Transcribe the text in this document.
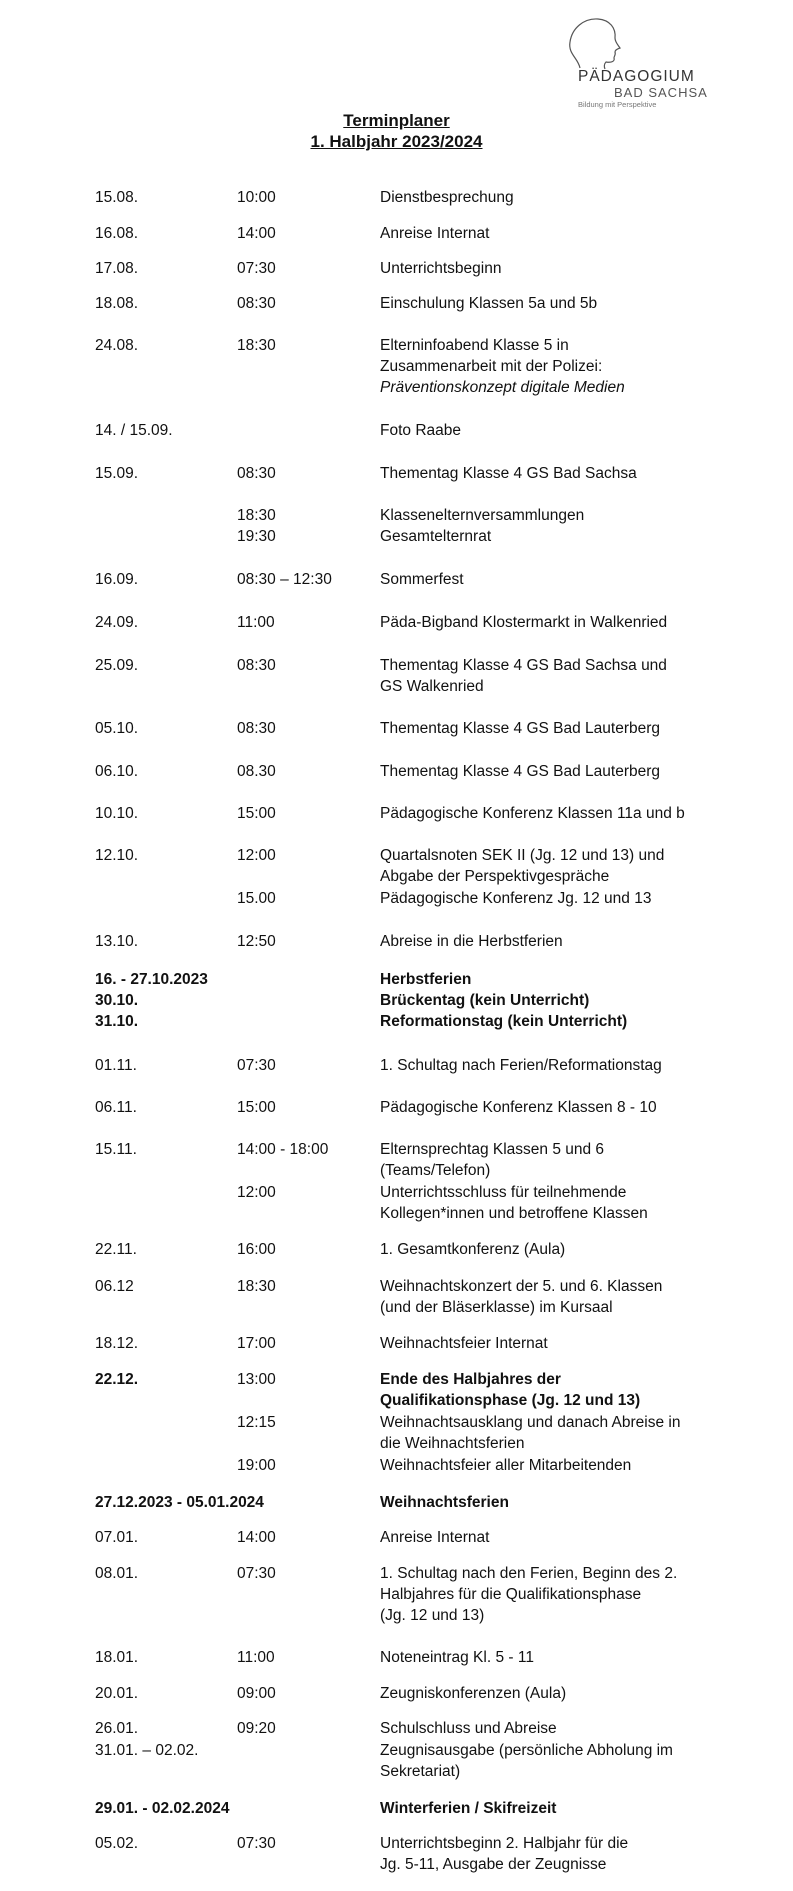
PÄDAGOGIUM
BAD SACHSA
Bildung mit Perspektive
Terminplaner
1. Halbjahr 2023/2024
15.08.	10:00	Dienstbesprechung
16.08.	14:00	Anreise Internat
17.08.	07:30	Unterrichtsbeginn
18.08.	08:30	Einschulung Klassen 5a und 5b
24.08.	18:30	Elterninfoabend Klasse 5 in
Zusammenarbeit mit der Polizei:
Präventionskonzept digitale Medien
14. / 15.09.	Foto Raabe
15.09.	08:30	Thementag Klasse 4 GS Bad Sachsa
18:30	Klassenelternversammlungen
19:30	Gesamtelternrat
16.09.	08:30 – 12:30	Sommerfest
24.09.	11:00	Päda-Bigband Klostermarkt in Walkenried
25.09.	08:30	Thementag Klasse 4 GS Bad Sachsa und
GS Walkenried
05.10.	08:30	Thementag Klasse 4 GS Bad Lauterberg
06.10.	08.30	Thementag Klasse 4 GS Bad Lauterberg
10.10.	15:00	Pädagogische Konferenz Klassen 11a und b
12.10.	12:00	Quartalsnoten SEK II (Jg. 12 und 13) und
Abgabe der Perspektivgespräche
15.00	Pädagogische Konferenz Jg. 12 und 13
13.10.	12:50	Abreise in die Herbstferien
16. - 27.10.2023	Herbstferien
30.10.	Brückentag (kein Unterricht)
31.10.	Reformationstag (kein Unterricht)
01.11.	07:30	1. Schultag nach Ferien/Reformationstag
06.11.	15:00	Pädagogische Konferenz Klassen 8 - 10
15.11.	14:00 - 18:00	Elternsprechtag Klassen 5 und 6
(Teams/Telefon)
12:00	Unterrichtsschluss für teilnehmende
Kollegen*innen und betroffene Klassen
22.11.	16:00	1. Gesamtkonferenz (Aula)
06.12	18:30	Weihnachtskonzert der 5. und 6. Klassen
(und der Bläserklasse) im Kursaal
18.12.	17:00	Weihnachtsfeier Internat
22.12.	13:00	Ende des Halbjahres der
Qualifikationsphase (Jg. 12 und 13)
12:15	Weihnachtsausklang und danach Abreise in
die Weihnachtsferien
19:00	Weihnachtsfeier aller Mitarbeitenden
27.12.2023 - 05.01.2024	Weihnachtsferien
07.01.	14:00	Anreise Internat
08.01.	07:30	1. Schultag nach den Ferien, Beginn des 2.
Halbjahres für die Qualifikationsphase
(Jg. 12 und 13)
18.01.	11:00	Noteneintrag Kl. 5 - 11
20.01.	09:00	Zeugniskonferenzen (Aula)
26.01.	09:20	Schulschluss und Abreise
31.01. – 02.02.	Zeugnisausgabe (persönliche Abholung im
Sekretariat)
29.01. - 02.02.2024	Winterferien / Skifreizeit
05.02.	07:30	Unterrichtsbeginn 2. Halbjahr für die
Jg. 5-11, Ausgabe der Zeugnisse
